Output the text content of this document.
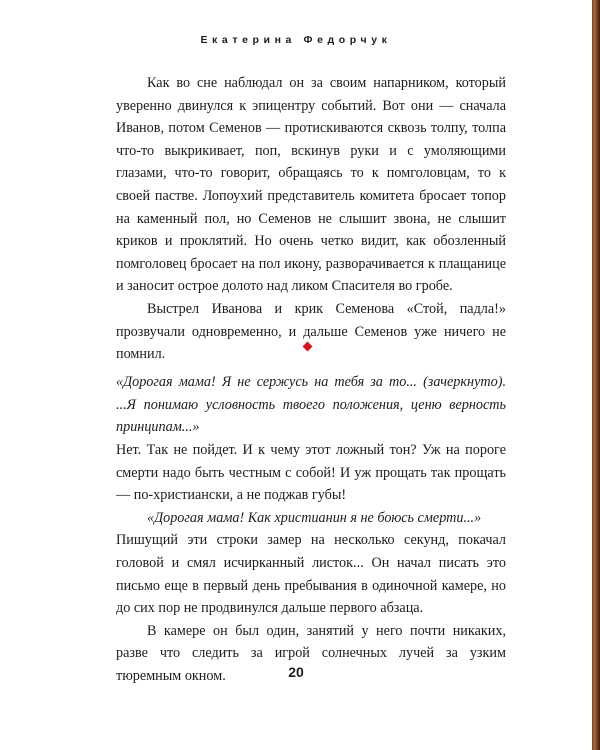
Екатерина Федорчук

Как во сне наблюдал он за своим напарником, который уверенно двинулся к эпицентру событий. Вот они — сначала Иванов, потом Семенов — протискиваются сквозь толпу, толпа что-то выкрикивает, поп, вскинув руки и с умоляющими глазами, что-то говорит, обращаясь то к помголовцам, то к своей пастве. Лопоухий представитель комитета бросает топор на каменный пол, но Семенов не слышит звона, не слышит криков и проклятий. Но очень четко видит, как обозленный помголовец бросает на пол икону, разворачивается к плащанице и заносит острое долото над ликом Спасителя во гробе.

Выстрел Иванова и крик Семенова «Стой, падла!» прозвучали одновременно, и дальше Семенов уже ничего не помнил.

«Дорогая мама! Я не сержусь на тебя за то... (зачеркнуто). ...Я понимаю условность твоего положения, ценю верность принципам...»

Нет. Так не пойдет. И к чему этот ложный тон? Уж на пороге смерти надо быть честным с собой! И уж прощать так прощать — по-христиански, а не поджав губы!

«Дорогая мама! Как христианин я не боюсь смерти...»

Пишущий эти строки замер на несколько секунд, покачал головой и смял исчирканный листок... Он начал писать это письмо еще в первый день пребывания в одиночной камере, но до сих пор не продвинулся дальше первого абзаца.

В камере он был один, занятий у него почти никаких, разве что следить за игрой солнечных лучей за узким тюремным окном.	20
